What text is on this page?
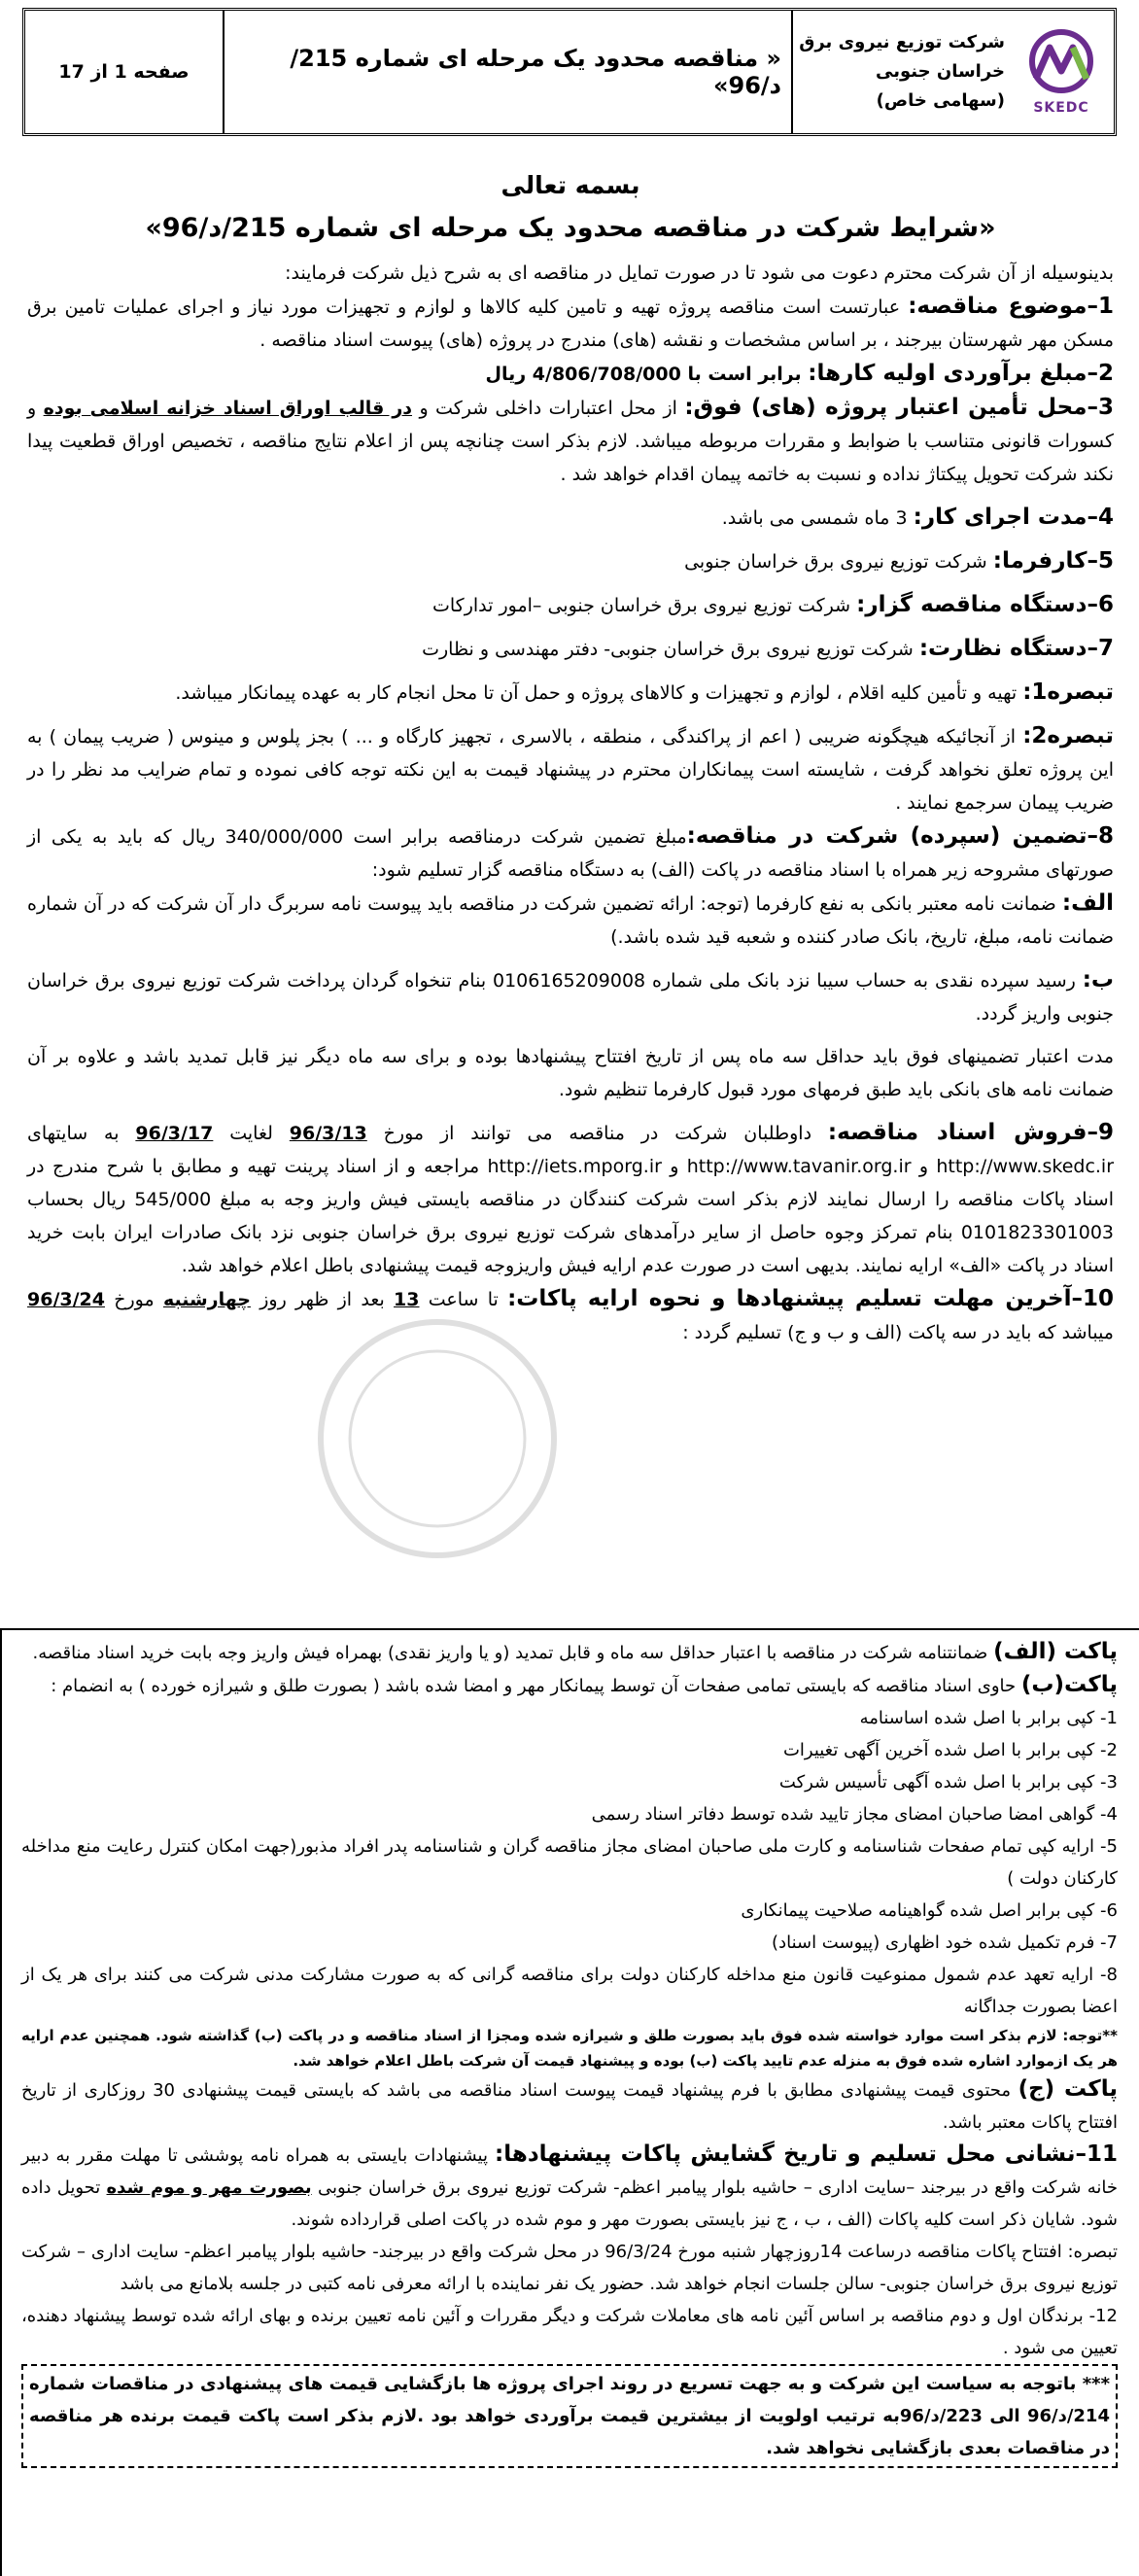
صفحه 1 از 17	« مناقصه محدود یک مرحله ای شماره 215/د/96»
SKEDC
شرکت توزیع نیروی برق خراسان جنوبی
(سهامی خاص)
بسمه تعالی
«شرایط شرکت در مناقصه محدود یک مرحله ای شماره 215/د/96»

بدینوسیله از آن شرکت محترم دعوت می شود تا در صورت تمایل در مناقصه ای به شرح ذیل شرکت فرمایند:

1–موضوع مناقصه: عبارتست است مناقصه پروژه تهیه و تامین کلیه کالاها و لوازم و تجهیزات مورد نیاز و اجرای عملیات تامین برق مسکن مهر شهرستان بیرجند ، بر اساس مشخصات و نقشه (های) مندرج در پروژه (های) پیوست اسناد مناقصه .

2–مبلغ برآوردی اولیه کارها: برابر است با 4/806/708/000 ریال

3–محل تأمین اعتبار پروژه (های) فوق: از محل اعتبارات داخلی شرکت و در قالب اوراق اسناد خزانه اسلامی بوده و کسورات قانونی متناسب با ضوابط و مقررات مربوطه میباشد. لازم بذکر است چنانچه پس از اعلام نتایج مناقصه ، تخصیص اوراق قطعیت پیدا نکند شرکت تحویل پیکتاژ نداده و نسبت به خاتمه پیمان اقدام خواهد شد .

4–مدت اجرای کار: 3 ماه شمسی می باشد.

5–کارفرما: شرکت توزیع نیروی برق خراسان جنوبی

6–دستگاه مناقصه گزار: شرکت توزیع نیروی برق خراسان جنوبی –امور تدارکات

7–دستگاه نظارت: شرکت توزیع نیروی برق خراسان جنوبی- دفتر مهندسی و نظارت

تبصره1: تهیه و تأمین کلیه اقلام ، لوازم و تجهیزات و کالاهای پروژه و حمل آن تا محل انجام کار به عهده پیمانکار میباشد.

تبصره2: از آنجائیکه هیچگونه ضریبی ( اعم از پراکندگی ، منطقه ، بالاسری ، تجهیز کارگاه و ... ) بجز پلوس و مینوس ( ضریب پیمان ) به این پروژه تعلق نخواهد گرفت ، شایسته است پیمانکاران محترم در پیشنهاد قیمت به این نکته توجه کافی نموده و تمام ضرایب مد نظر را در ضریب پیمان سرجمع نمایند .

8–تضمین (سپرده) شرکت در مناقصه:مبلغ تضمین شرکت درمناقصه برابر است 340/000/000 ریال که باید به یکی از صورتهای مشروحه زیر همراه با اسناد مناقصه در پاکت (الف) به دستگاه مناقصه گزار تسلیم شود:

الف: ضمانت نامه معتبر بانکی به نفع کارفرما (توجه: ارائه تضمین شرکت در مناقصه باید پیوست نامه سربرگ دار آن شرکت که در آن شماره ضمانت نامه، مبلغ، تاریخ، بانک صادر کننده و شعبه قید شده باشد.)

ب: رسید سپرده نقدی به حساب سیبا نزد بانک ملی شماره 0106165209008 بنام تنخواه گردان پرداخت شرکت توزیع نیروی برق خراسان جنوبی واریز گردد.

مدت اعتبار تضمینهای فوق باید حداقل سه ماه پس از تاریخ افتتاح پیشنهادها بوده و برای سه ماه دیگر نیز قابل تمدید باشد و علاوه بر آن ضمانت نامه های بانکی باید طبق فرمهای مورد قبول کارفرما تنظیم شود.

9–فروش اسناد مناقصه: داوطلبان شرکت در مناقصه می توانند از مورخ 96/3/13 لغایت 96/3/17 به سایتهای http://www.skedc.ir و http://www.tavanir.org.ir و http://iets.mporg.ir مراجعه و از اسناد پرینت تهیه و مطابق با شرح مندرج در اسناد پاکات مناقصه را ارسال نمایند لازم بذکر است شرکت کنندگان در مناقصه بایستی فیش واریز وجه به مبلغ 545/000 ریال بحساب 0101823301003 بنام تمرکز وجوه حاصل از سایر درآمدهای شرکت توزیع نیروی برق خراسان جنوبی نزد بانک صادرات ایران بابت خرید اسناد در پاکت «الف» ارایه نمایند. بدیهی است در صورت عدم ارایه فیش واریزوجه قیمت پیشنهادی باطل اعلام خواهد شد.

10–آخرین مهلت تسلیم پیشنهادها و نحوه ارایه پاکات: تا ساعت 13 بعد از ظهر روز چهارشنبه مورخ 96/3/24 میباشد که باید در سه پاکت (الف و ب و ج) تسلیم گردد :

پاکت (الف) ضمانتنامه شرکت در مناقصه با اعتبار حداقل سه ماه و قابل تمدید (و یا واریز نقدی) بهمراه فیش واریز وجه بابت خرید اسناد مناقصه.

پاکت(ب) حاوی اسناد مناقصه که بایستی تمامی صفحات آن توسط پیمانکار مهر و امضا شده باشد ( بصورت طلق و شیرازه خورده ) به انضمام :

1- کپی برابر با اصل شده اساسنامه

2- کپی برابر با اصل شده آخرین آگهی تغییرات

3- کپی برابر با اصل شده آگهی تأسیس شرکت

4- گواهی امضا صاحبان امضای مجاز تایید شده توسط دفاتر اسناد رسمی

5- ارایه کپی تمام صفحات شناسنامه و کارت ملی صاحبان امضای مجاز مناقصه گران و شناسنامه پدر افراد مذبور(جهت امکان کنترل رعایت منع مداخله کارکنان دولت )

6- کپی برابر اصل شده گواهینامه صلاحیت پیمانکاری

7- فرم تکمیل شده خود اظهاری (پیوست اسناد)

8- ارایه تعهد عدم شمول ممنوعیت قانون منع مداخله کارکنان دولت برای مناقصه گرانی که به صورت مشارکت مدنی شرکت می کنند برای هر یک از اعضا بصورت جداگانه

**توجه: لازم بذکر است موارد خواسته شده فوق باید بصورت طلق و شیرازه شده ومجزا از اسناد مناقصه و در پاکت (ب) گذاشته شود. همچنین عدم ارایه هر یک ازموارد اشاره شده فوق به منزله عدم تایید پاکت (ب) بوده و پیشنهاد قیمت آن شرکت باطل اعلام خواهد شد.

پاکت (ج) محتوی قیمت پیشنهادی مطابق با فرم پیشنهاد قیمت پیوست اسناد مناقصه می باشد که بایستی قیمت پیشنهادی 30 روزکاری از تاریخ افتتاح پاکات معتبر باشد.

11–نشانی محل تسلیم و تاریخ گشایش پاکات پیشنهادها: پیشنهادات بایستی به همراه نامه پوششی تا مهلت مقرر به دبیر خانه شرکت واقع در بیرجند –سایت اداری – حاشیه بلوار پیامبر اعظم- شرکت توزیع نیروی برق خراسان جنوبی بصورت مهر و موم شده تحویل داده شود. شایان ذکر است کلیه پاکات (الف ، ب ، ج نیز بایستی بصورت مهر و موم شده در پاکت اصلی قرارداده شوند.

تبصره: افتتاح پاکات مناقصه درساعت 14روزچهار شنبه مورخ 96/3/24 در محل شرکت واقع در بیرجند- حاشیه بلوار پیامبر اعظم- سایت اداری – شرکت توزیع نیروی برق خراسان جنوبی- سالن جلسات انجام خواهد شد. حضور یک نفر نماینده با ارائه معرفی نامه کتبی در جلسه بلامانع می باشد

12- برندگان اول و دوم مناقصه بر اساس آئین نامه های معاملات شرکت و دیگر مقررات و آئین نامه تعیین برنده و بهای ارائه شده توسط پیشنهاد دهنده، تعیین می شود .

*** باتوجه به سیاست این شرکت و به جهت تسریع در روند اجرای پروژه ها بازگشایی قیمت های پیشنهادی در مناقصات شماره 214/د/96 الی 223/د/96به ترتیب اولویت از بیشترین قیمت برآوردی خواهد بود .لازم بذکر است پاکت قیمت برنده هر مناقصه در مناقصات بعدی بازگشایی نخواهد شد.
